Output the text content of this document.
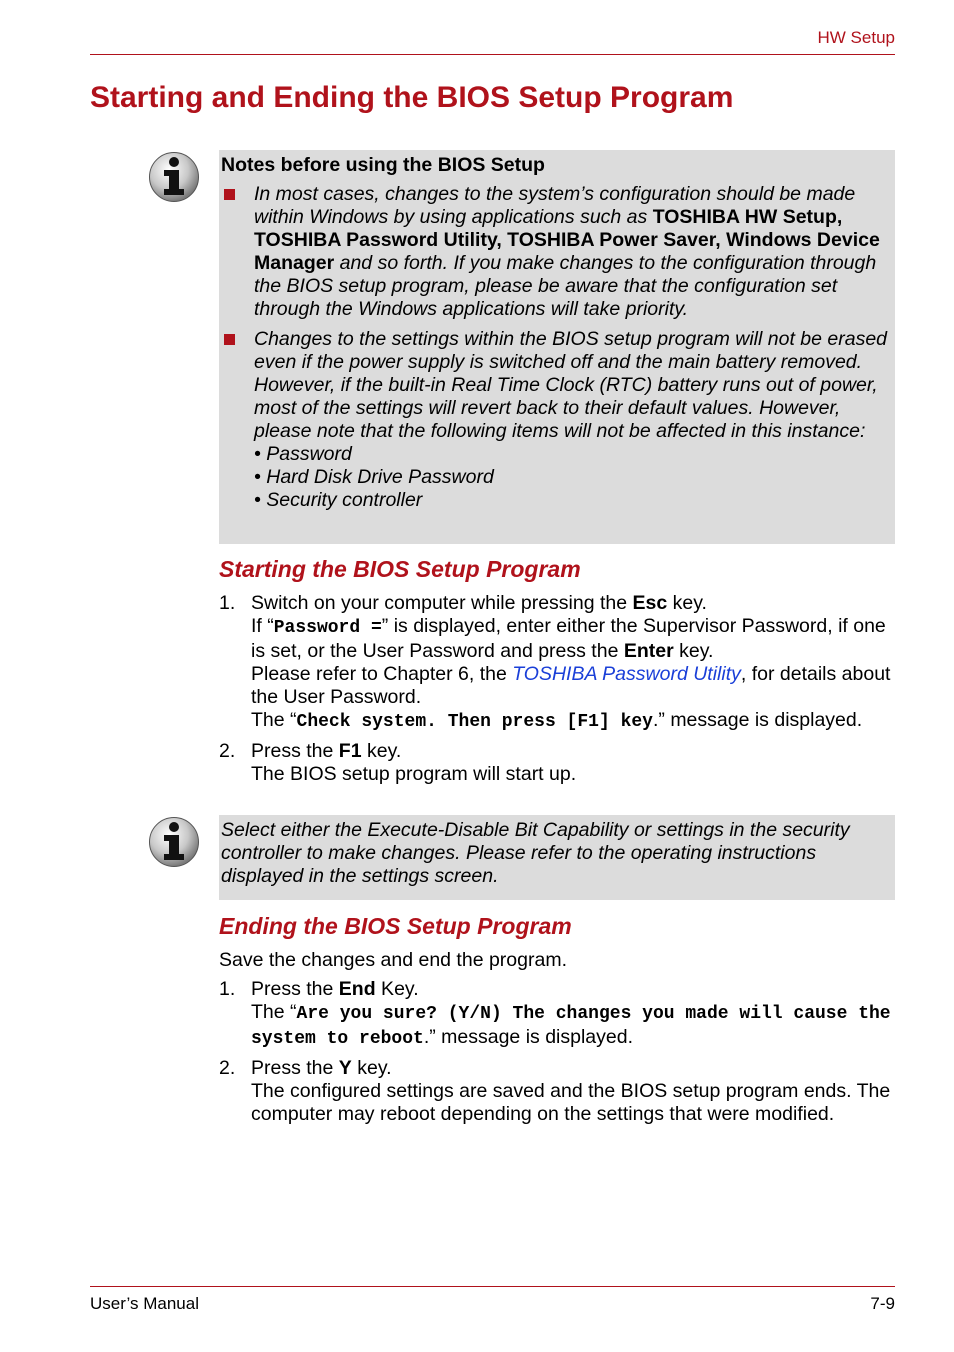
HW Setup
Starting and Ending the BIOS Setup Program
Notes before using the BIOS Setup
In most cases, changes to the system’s configuration should be made within Windows by using applications such as TOSHIBA HW Setup, TOSHIBA Password Utility, TOSHIBA Power Saver, Windows Device Manager and so forth. If you make changes to the configuration through the BIOS setup program, please be aware that the configuration set through the Windows applications will take priority.
Changes to the settings within the BIOS setup program will not be erased even if the power supply is switched off and the main battery removed. However, if the built-in Real Time Clock (RTC) battery runs out of power, most of the settings will revert back to their default values. However, please note that the following items will not be affected in this instance:
• Password
• Hard Disk Drive Password
• Security controller
Starting the BIOS Setup Program
1. Switch on your computer while pressing the Esc key.
If “Password =” is displayed, enter either the Supervisor Password, if one is set, or the User Password and press the Enter key.
Please refer to Chapter 6, the TOSHIBA Password Utility, for details about the User Password.
The “Check system. Then press [F1] key.” message is displayed.
2. Press the F1 key.
The BIOS setup program will start up.
Select either the Execute-Disable Bit Capability or settings in the security controller to make changes. Please refer to the operating instructions displayed in the settings screen.
Ending the BIOS Setup Program
Save the changes and end the program.
1. Press the End Key.
The “Are you sure? (Y/N) The changes you made will cause the system to reboot.” message is displayed.
2. Press the Y key.
The configured settings are saved and the BIOS setup program ends. The computer may reboot depending on the settings that were modified.
User’s Manual	7-9
